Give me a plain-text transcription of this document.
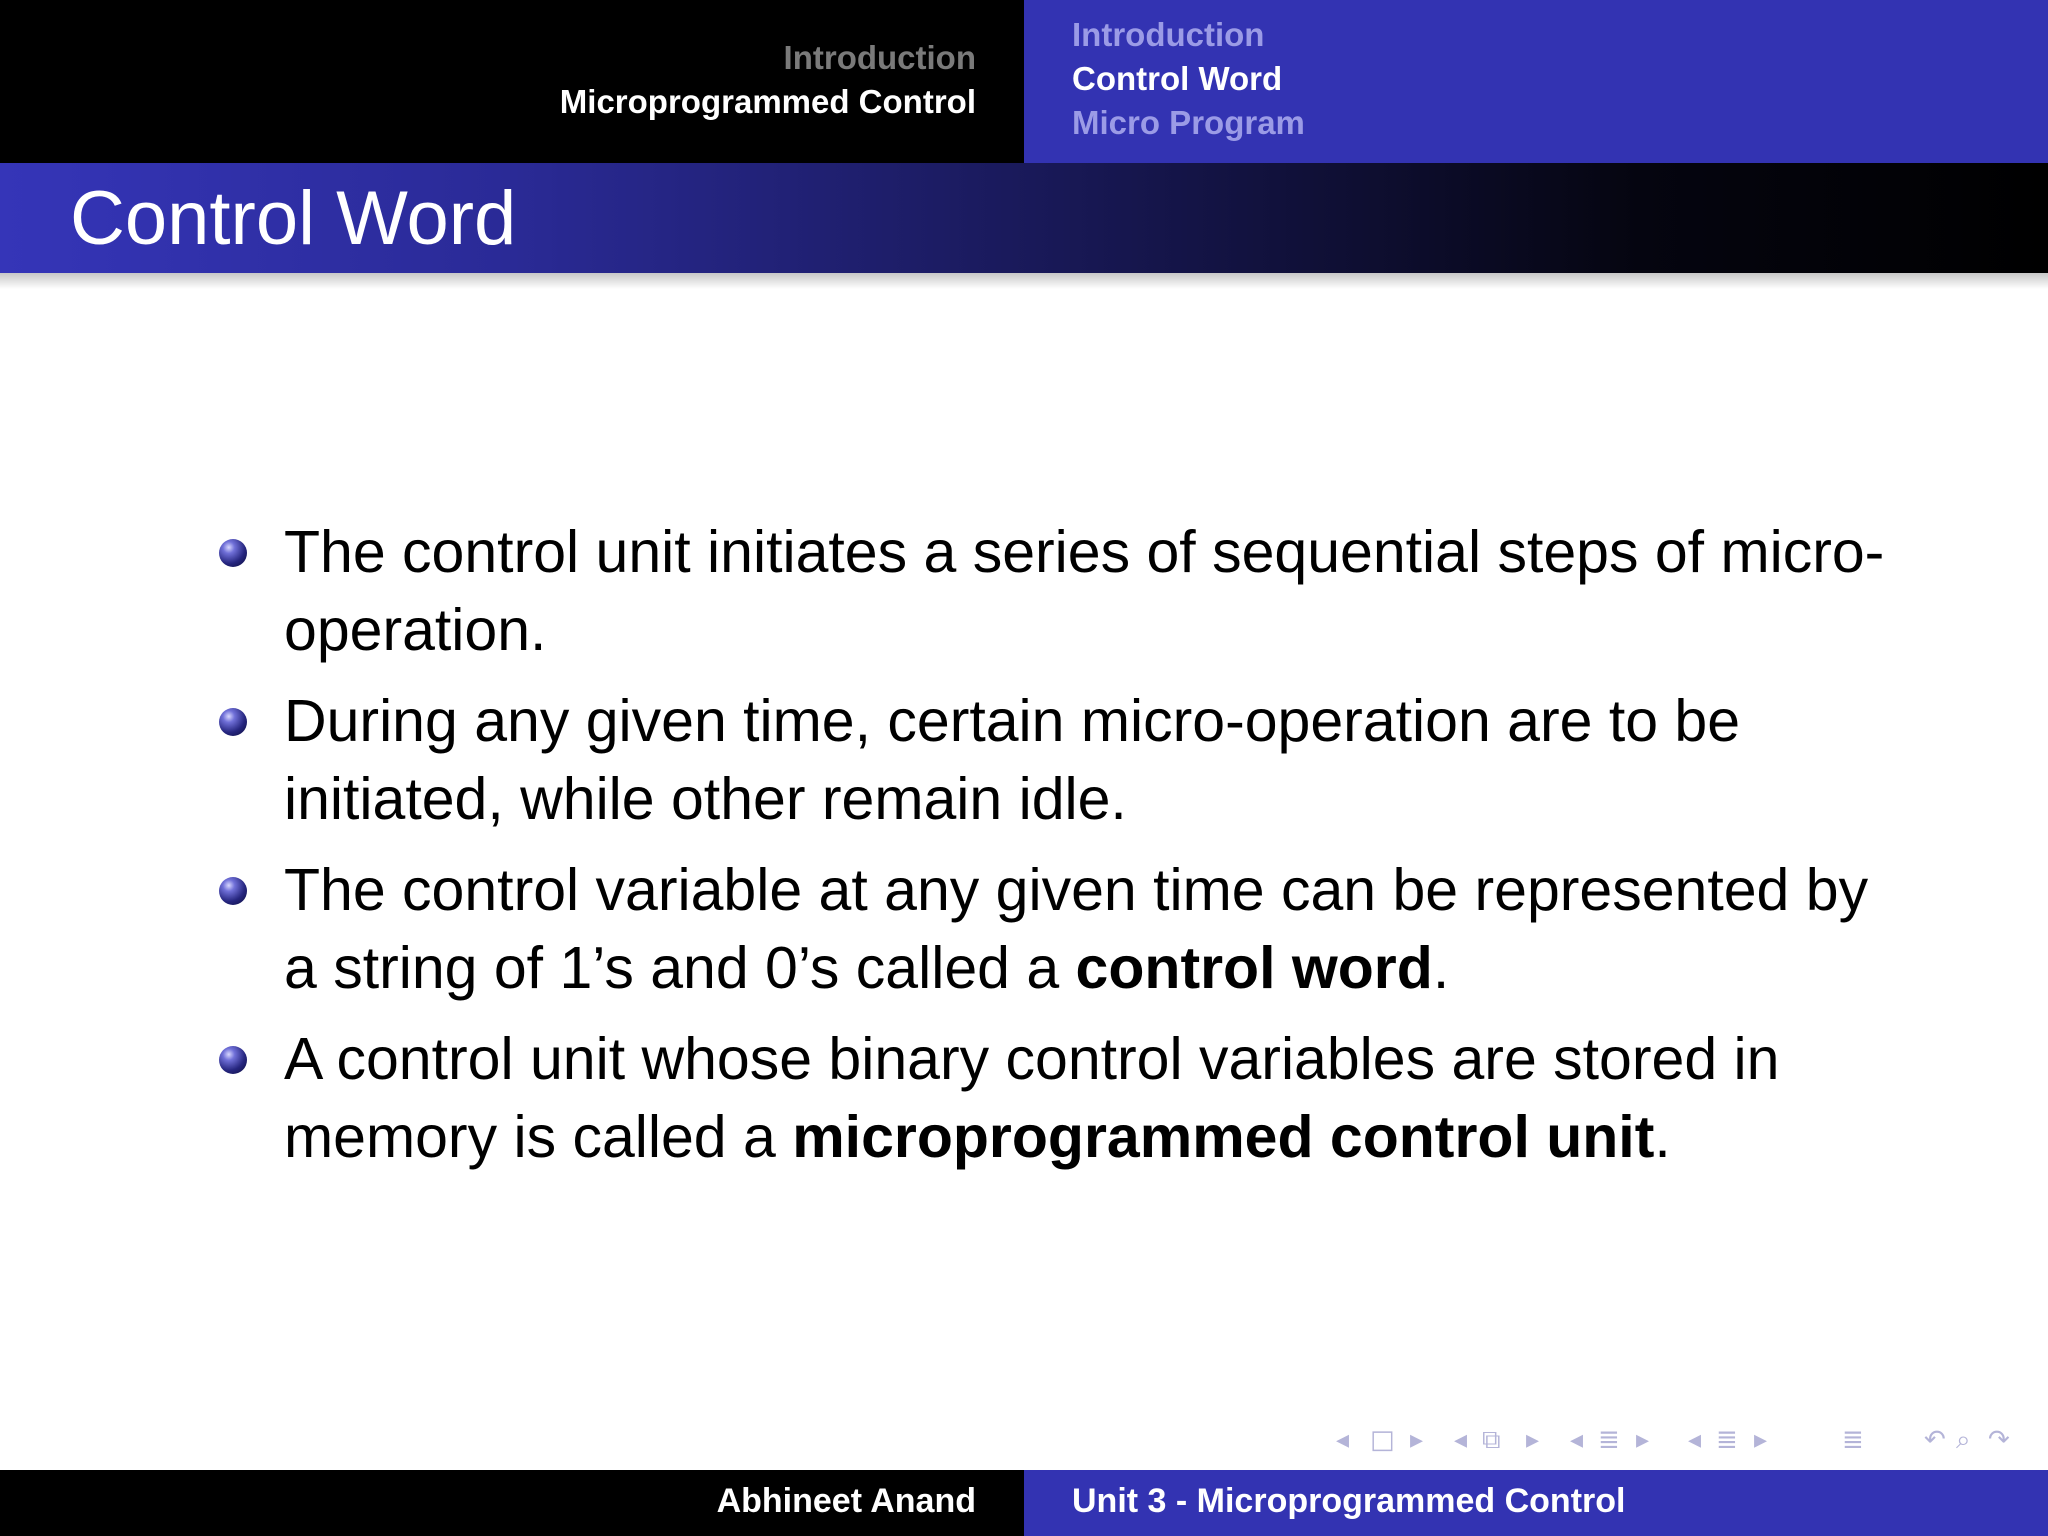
Introduction
Microprogrammed Control
Introduction
Control Word
Micro Program
Control Word
The control unit initiates a series of sequential steps of micro-operation.
During any given time, certain micro-operation are to be initiated, while other remain idle.
The control variable at any given time can be represented by a string of 1’s and 0’s called a control word.
A control unit whose binary control variables are stored in memory is called a microprogrammed control unit.
◂ □ ▸ ◂ ⧉ ▸ ◂ ≣ ▸ ◂ ≣ ▸	≣ ↶ ⌕ ↷
Abhineet Anand	Unit 3 - Microprogrammed Control
